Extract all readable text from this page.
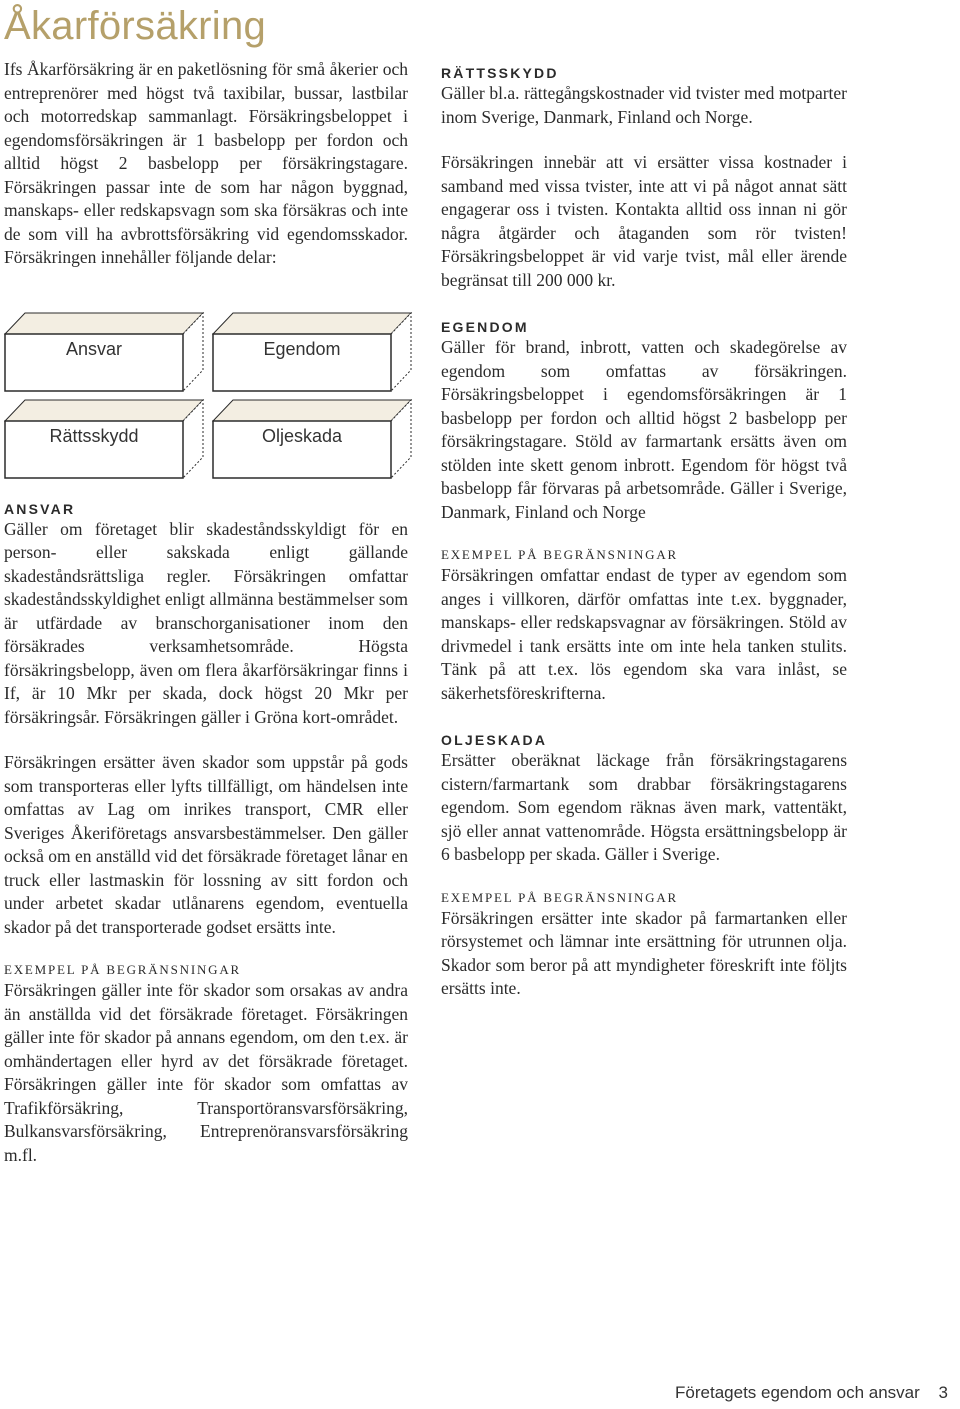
Åkarförsäkring

Ifs Åkarförsäkring är en paketlösning för små åkerier och entreprenörer med högst två taxibilar, bussar, lastbilar och motorredskap sammanlagt. Försäkringsbeloppet i egendomsförsäkringen är 1 basbelopp per fordon och alltid högst 2 basbelopp per försäkringstagare. Försäkringen passar inte de som har någon byggnad, manskaps- eller redskapsvagn som ska försäkras och inte de som vill ha avbrottsförsäkring vid egendomsskador. Försäkringen innehåller följande delar:

ANSVAR

Gäller om företaget blir skadeståndsskyldigt för en person- eller sakskada enligt gällande skadeståndsrättsliga regler. Försäkringen omfattar skadeståndsskyldighet enligt allmänna bestämmelser som är utfärdade av branschorganisationer inom den försäkrades verksamhetsområde. Högsta försäkringsbelopp, även om flera åkarförsäkringar finns i If, är 10 Mkr per skada, dock högst 20 Mkr per försäkringsår. Försäkringen gäller i Gröna kort-området.

Försäkringen ersätter även skador som uppstår på gods som transporteras eller lyfts tillfälligt, om händelsen inte omfattas av Lag om inrikes transport, CMR eller Sveriges Åkeriföretags ansvarsbestämmelser. Den gäller också om en anställd vid det försäkrade företaget lånar en truck eller lastmaskin för lossning av sitt fordon och under arbetet skadar utlånarens egendom, eventuella skador på det transporterade godset ersätts inte.

EXEMPEL PÅ BEGRÄNSNINGAR

Försäkringen gäller inte för skador som orsakas av andra än anställda vid det försäkrade företaget. Försäkringen gäller inte för skador på annans egendom, om den t.ex. är omhändertagen eller hyrd av det försäkrade företaget. Försäkringen gäller inte för skador som omfattas av Trafikförsäkring, Transportöransvarsförsäkring, Bulkansvarsförsäkring, Entreprenöransvarsförsäkring m.fl.

Ansvar	Egendom
Rättsskydd	Oljeskada
RÄTTSSKYDD

Gäller bl.a. rättegångskostnader vid tvister med motparter inom Sverige, Danmark, Finland och Norge.

Försäkringen innebär att vi ersätter vissa kostnader i samband med vissa tvister, inte att vi på något annat sätt engagerar oss i tvisten. Kontakta alltid oss innan ni gör några åtgärder och åtaganden som rör tvisten! Försäkringsbeloppet är vid varje tvist, mål eller ärende begränsat till 200 000 kr.

EGENDOM

Gäller för brand, inbrott, vatten och skadegörelse av egendom som omfattas av försäkringen. Försäkringsbeloppet i egendomsförsäkringen är 1 basbelopp per fordon och alltid högst 2 basbelopp per försäkringstagare. Stöld av farmartank ersätts även om stölden inte skett genom inbrott. Egendom för högst två basbelopp får förvaras på arbetsområde. Gäller i Sverige, Danmark, Finland och Norge

EXEMPEL PÅ BEGRÄNSNINGAR

Försäkringen omfattar endast de typer av egendom som anges i villkoren, därför omfattas inte t.ex. byggnader, manskaps- eller redskapsvagnar av försäkringen. Stöld av drivmedel i tank ersätts inte om inte hela tanken stulits. Tänk på att t.ex. lös egendom ska vara inlåst, se säkerhetsföreskrifterna.

OLJESKADA

Ersätter oberäknat läckage från försäkringstagarens cistern/farmartank som drabbar försäkringstagarens egendom. Som egendom räknas även mark, vattentäkt, sjö eller annat vattenområde. Högsta ersättningsbelopp är 6 basbelopp per skada. Gäller i Sverige.

EXEMPEL PÅ BEGRÄNSNINGAR

Försäkringen ersätter inte skador på farmartanken eller rörsystemet och lämnar inte ersättning för utrunnen olja. Skador som beror på att myndigheter föreskrift inte följts ersätts inte.

Företagets egendom och ansvar 3
